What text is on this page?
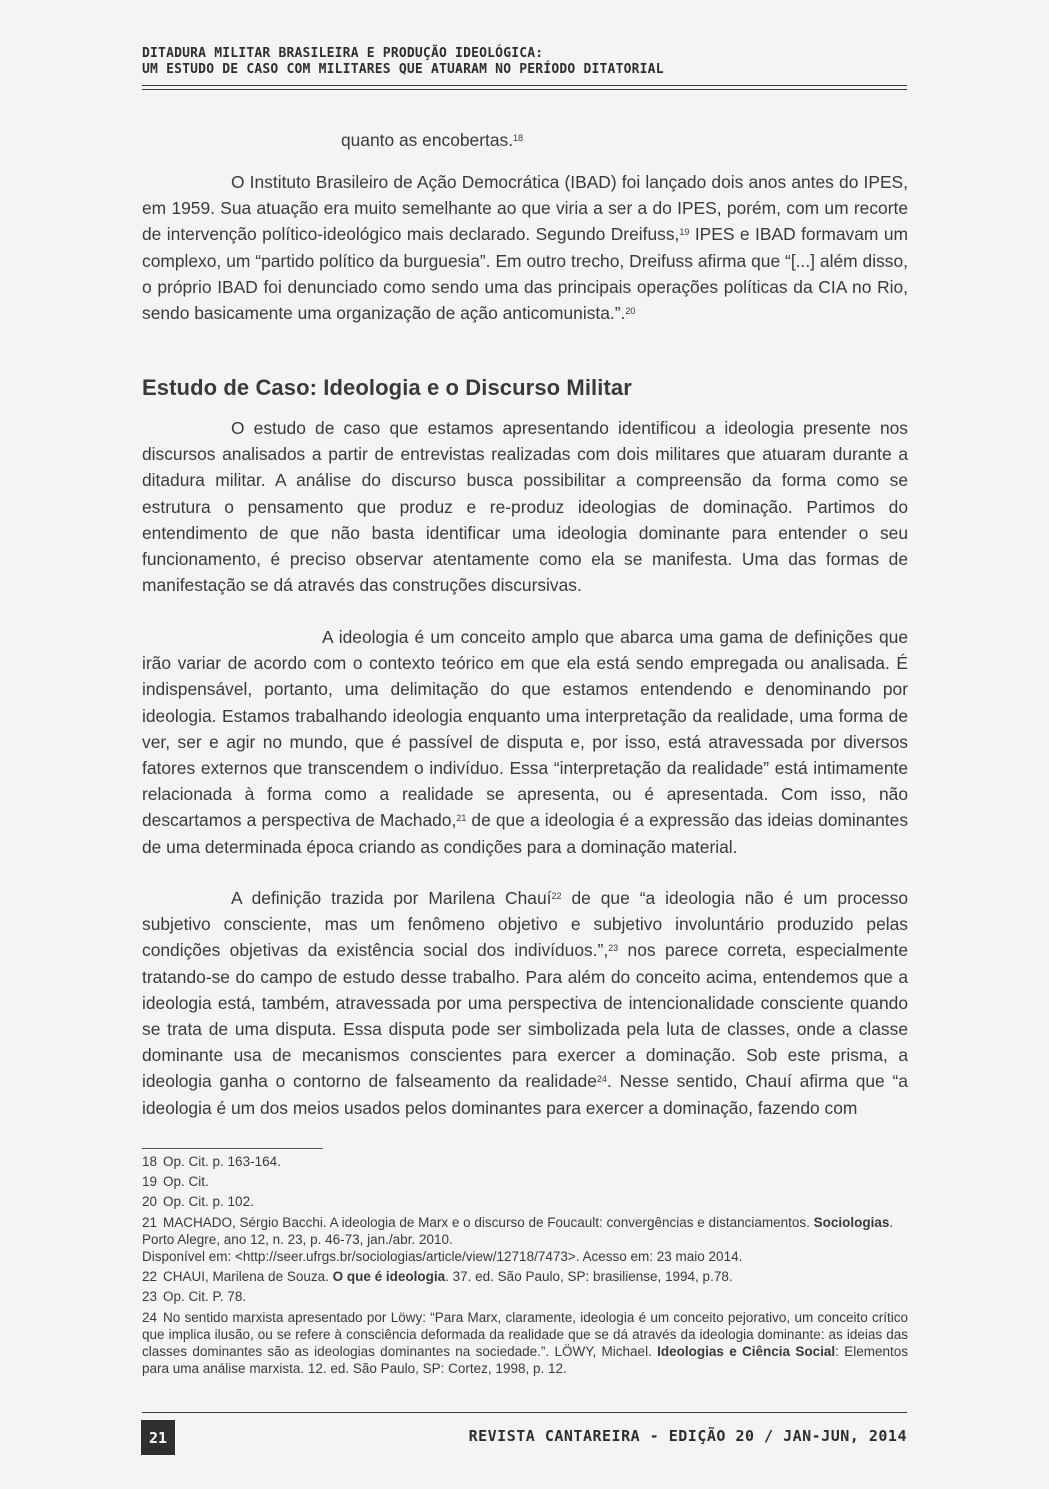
DITADURA MILITAR BRASILEIRA E PRODUÇÃO IDEOLÓGICA:
UM ESTUDO DE CASO COM MILITARES QUE ATUARAM NO PERÍODO DITATORIAL

quanto as encobertas.$^{18}$

O Instituto Brasileiro de Ação Democrática (IBAD) foi lançado dois anos antes do IPES, em 1959. Sua atuação era muito semelhante ao que viria a ser a do IPES, porém, com um recorte de intervenção político-ideológico mais declarado. Segundo Dreifuss,$^{19}$ IPES e IBAD formavam um complexo, um “partido político da burguesia”. Em outro trecho, Dreifuss afirma que “[...] além disso, o próprio IBAD foi denunciado como sendo uma das principais operações políticas da CIA no Rio, sendo basicamente uma organização de ação anticomunista.”.$^{20}$

Estudo de Caso: Ideologia e o Discurso Militar

O estudo de caso que estamos apresentando identificou a ideologia presente nos discursos analisados a partir de entrevistas realizadas com dois militares que atuaram durante a ditadura militar. A análise do discurso busca possibilitar a compreensão da forma como se estrutura o pensamento que produz e re-produz ideologias de dominação. Partimos do entendimento de que não basta identificar uma ideologia dominante para entender o seu funcionamento, é preciso observar atentamente como ela se manifesta. Uma das formas de manifestação se dá através das construções discursivas.

A ideologia é um conceito amplo que abarca uma gama de definições que irão variar de acordo com o contexto teórico em que ela está sendo empregada ou analisada. É indispensável, portanto, uma delimitação do que estamos entendendo e denominando por ideologia. Estamos trabalhando ideologia enquanto uma interpretação da realidade, uma forma de ver, ser e agir no mundo, que é passível de disputa e, por isso, está atravessada por diversos fatores externos que transcendem o indivíduo. Essa “interpretação da realidade” está intimamente relacionada à forma como a realidade se apresenta, ou é apresentada. Com isso, não descartamos a perspectiva de Machado,$^{21}$ de que a ideologia é a expressão das ideias dominantes de uma determinada época criando as condições para a dominação material.

A definição trazida por Marilena Chauí$^{22}$ de que “a ideologia não é um processo subjetivo consciente, mas um fenômeno objetivo e subjetivo involuntário produzido pelas condições objetivas da existência social dos indivíduos.”,$^{23}$ nos parece correta, especialmente tratando-se do campo de estudo desse trabalho. Para além do conceito acima, entendemos que a ideologia está, também, atravessada por uma perspectiva de intencionalidade consciente quando se trata de uma disputa. Essa disputa pode ser simbolizada pela luta de classes, onde a classe dominante usa de mecanismos conscientes para exercer a dominação. Sob este prisma, a ideologia ganha o contorno de falseamento da realidade$^{24}$. Nesse sentido, Chauí afirma que “a ideologia é um dos meios usados pelos dominantes para exercer a dominação, fazendo com

18 Op. Cit. p. 163-164.

19 Op. Cit.

20 Op. Cit. p. 102.

21 MACHADO, Sérgio Bacchi. A ideologia de Marx e o discurso de Foucault: convergências e distanciamentos. Sociologias. Porto Alegre, ano 12, n. 23, p. 46-73, jan./abr. 2010.
Disponível em: <http://seer.ufrgs.br/sociologias/article/view/12718/7473>. Acesso em: 23 maio 2014.

22 CHAUI, Marilena de Souza. O que é ideologia. 37. ed. São Paulo, SP: brasiliense, 1994, p.78.

23 Op. Cit. P. 78.

24 No sentido marxista apresentado por Löwy: “Para Marx, claramente, ideologia é um conceito pejorativo, um conceito crítico que implica ilusão, ou se refere à consciência deformada da realidade que se dá através da ideologia dominante: as ideias das classes dominantes são as ideologias dominantes na sociedade.”. LÖWY, Michael. Ideologias e Ciência Social: Elementos para uma análise marxista. 12. ed. São Paulo, SP: Cortez, 1998, p. 12.

21	REVISTA CANTAREIRA - EDIÇÃO 20 / JAN-JUN, 2014
